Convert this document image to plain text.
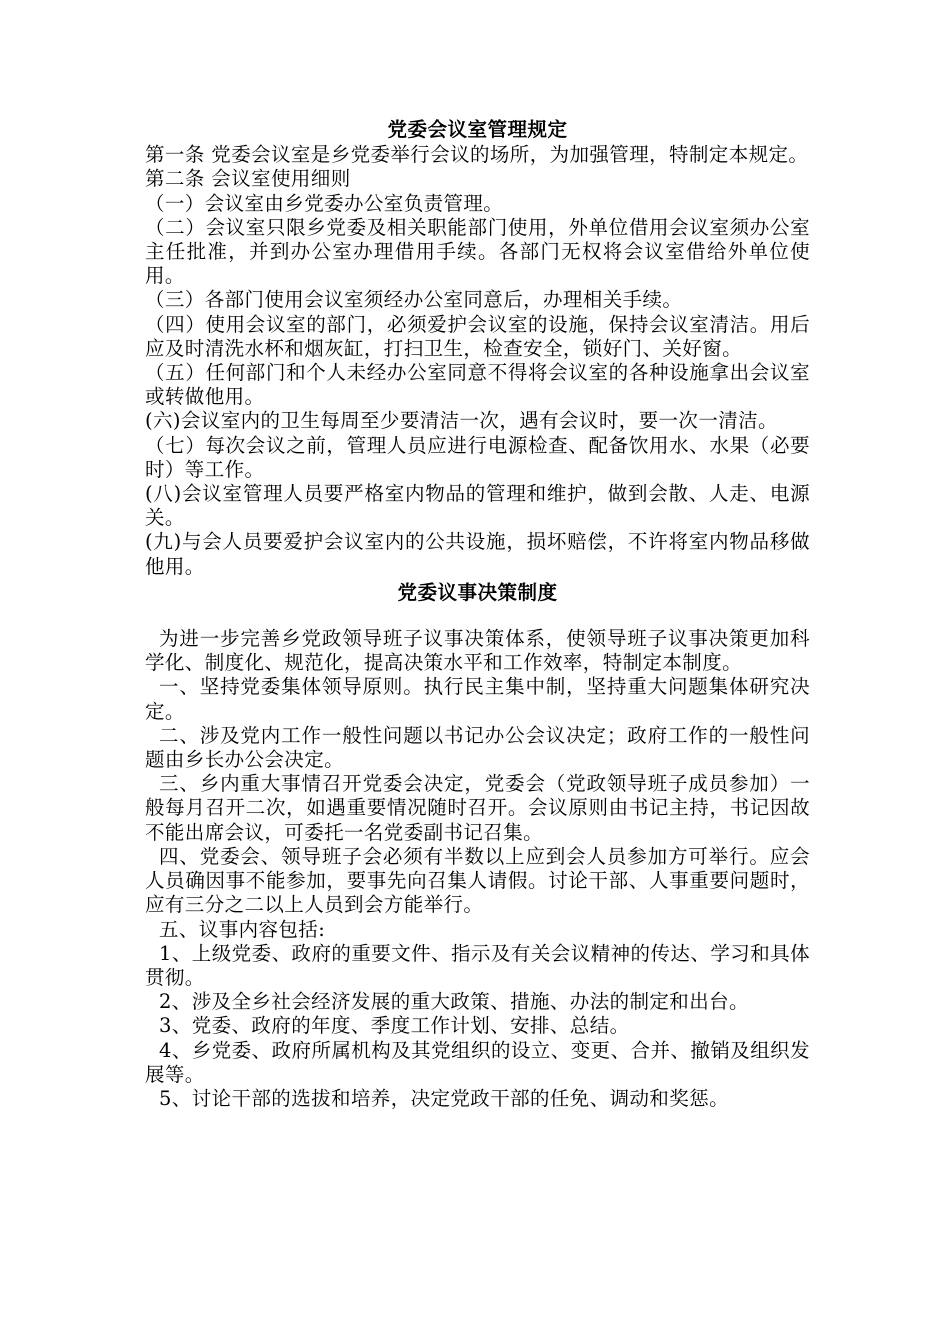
党委会议室管理规定

第一条 党委会议室是乡党委举行会议的场所，为加强管理，特制定本规定。

第二条 会议室使用细则

（一）会议室由乡党委办公室负责管理。

（二）会议室只限乡党委及相关职能部门使用，外单位借用会议室须办公室主任批准，并到办公室办理借用手续。各部门无权将会议室借给外单位使用。

（三）各部门使用会议室须经办公室同意后，办理相关手续。

（四）使用会议室的部门，必须爱护会议室的设施，保持会议室清洁。用后应及时清洗水杯和烟灰缸，打扫卫生，检查安全，锁好门、关好窗。

（五）任何部门和个人未经办公室同意不得将会议室的各种设施拿出会议室或转做他用。

(六)会议室内的卫生每周至少要清洁一次，遇有会议时，要一次一清洁。

（七）每次会议之前，管理人员应进行电源检查、配备饮用水、水果（必要时）等工作。

(八)会议室管理人员要严格室内物品的管理和维护，做到会散、人走、电源关。

(九)与会人员要爱护会议室内的公共设施，损坏赔偿，不许将室内物品移做他用。

党委议事决策制度

为进一步完善乡党政领导班子议事决策体系，使领导班子议事决策更加科学化、制度化、规范化，提高决策水平和工作效率，特制定本制度。

一、坚持党委集体领导原则。执行民主集中制，坚持重大问题集体研究决定。

二、涉及党内工作一般性问题以书记办公会议决定；政府工作的一般性问题由乡长办公会决定。

三、乡内重大事情召开党委会决定，党委会（党政领导班子成员参加）一般每月召开二次，如遇重要情况随时召开。会议原则由书记主持，书记因故不能出席会议，可委托一名党委副书记召集。

四、党委会、领导班子会必须有半数以上应到会人员参加方可举行。应会人员确因事不能参加，要事先向召集人请假。讨论干部、人事重要问题时，应有三分之二以上人员到会方能举行。

五、议事内容包括:

1、上级党委、政府的重要文件、指示及有关会议精神的传达、学习和具体贯彻。

2、涉及全乡社会经济发展的重大政策、措施、办法的制定和出台。

3、党委、政府的年度、季度工作计划、安排、总结。

4、乡党委、政府所属机构及其党组织的设立、变更、合并、撤销及组织发展等。

5、讨论干部的选拔和培养，决定党政干部的任免、调动和奖惩。
